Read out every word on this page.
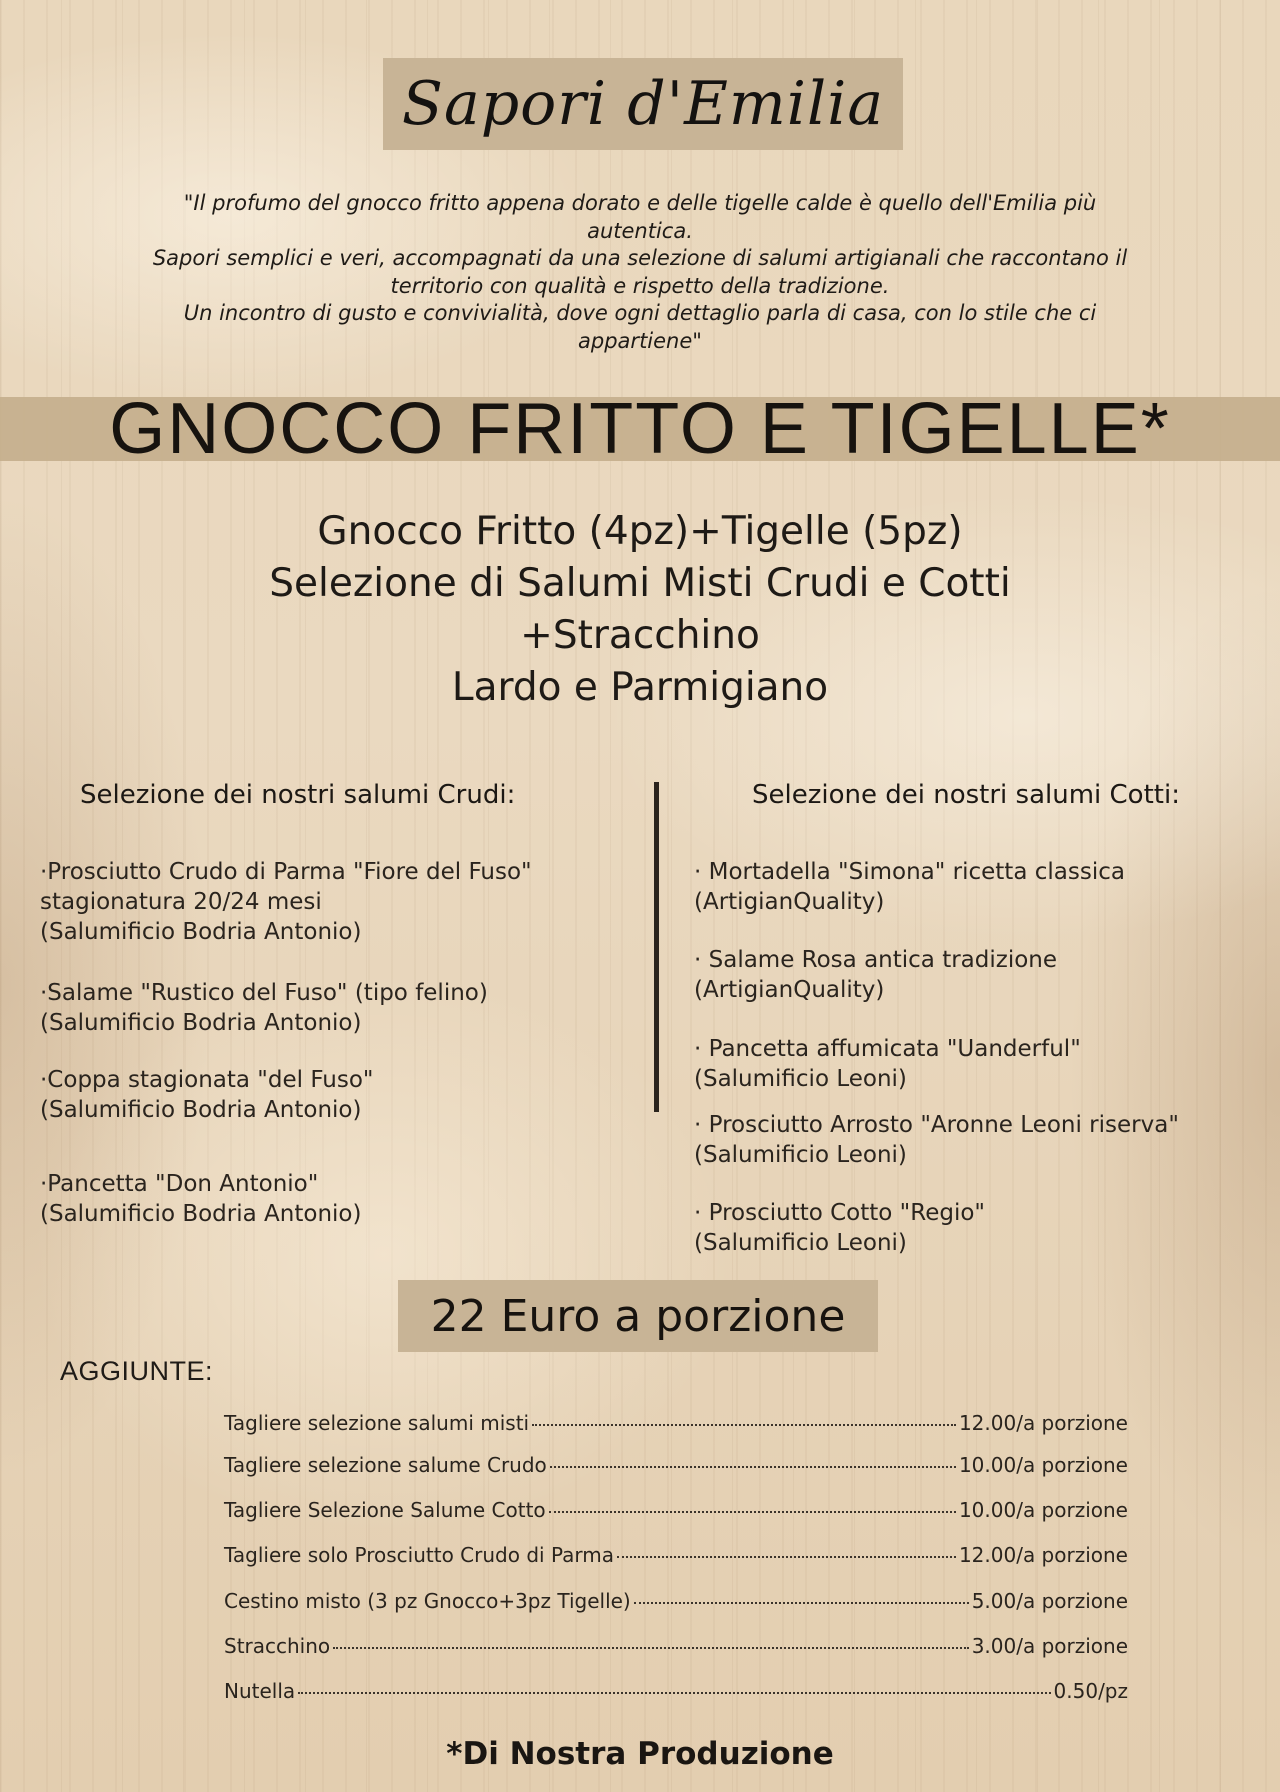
Sapori d'Emilia

"Il profumo del gnocco fritto appena dorato e delle tigelle calde è quello dell'Emilia più

autentica.

Sapori semplici e veri, accompagnati da una selezione di salumi artigianali che raccontano il

territorio con qualità e rispetto della tradizione.

Un incontro di gusto e convivialità, dove ogni dettaglio parla di casa, con lo stile che ci

appartiene"

GNOCCO FRITTO E TIGELLE*
Gnocco Fritto (4pz)+Tigelle (5pz)
Selezione di Salumi Misti Crudi e Cotti
+Stracchino
Lardo e Parmigiano
Selezione dei nostri salumi Crudi:
·Prosciutto Crudo di Parma "Fiore del Fuso"
stagionatura 20/24 mesi
(Salumificio Bodria Antonio)
·Salame "Rustico del Fuso" (tipo felino)
(Salumificio Bodria Antonio)
·Coppa stagionata "del Fuso"
(Salumificio Bodria Antonio)
·Pancetta "Don Antonio"
(Salumificio Bodria Antonio)
Selezione dei nostri salumi Cotti:
· Mortadella "Simona" ricetta classica
(ArtigianQuality)
· Salame Rosa antica tradizione
(ArtigianQuality)
· Pancetta affumicata "Uanderful"
(Salumificio Leoni)
· Prosciutto Arrosto "Aronne Leoni riserva"
(Salumificio Leoni)
· Prosciutto Cotto "Regio"
(Salumificio Leoni)
22 Euro a porzione
AGGIUNTE:
Tagliere selezione salumi misti	12.00/a porzione
Tagliere selezione salume Crudo	10.00/a porzione
Tagliere Selezione Salume Cotto	10.00/a porzione
Tagliere solo Prosciutto Crudo di Parma	12.00/a porzione
Cestino misto (3 pz Gnocco+3pz Tigelle)	5.00/a porzione
Stracchino	3.00/a porzione
Nutella	0.50/pz
*Di Nostra Produzione
